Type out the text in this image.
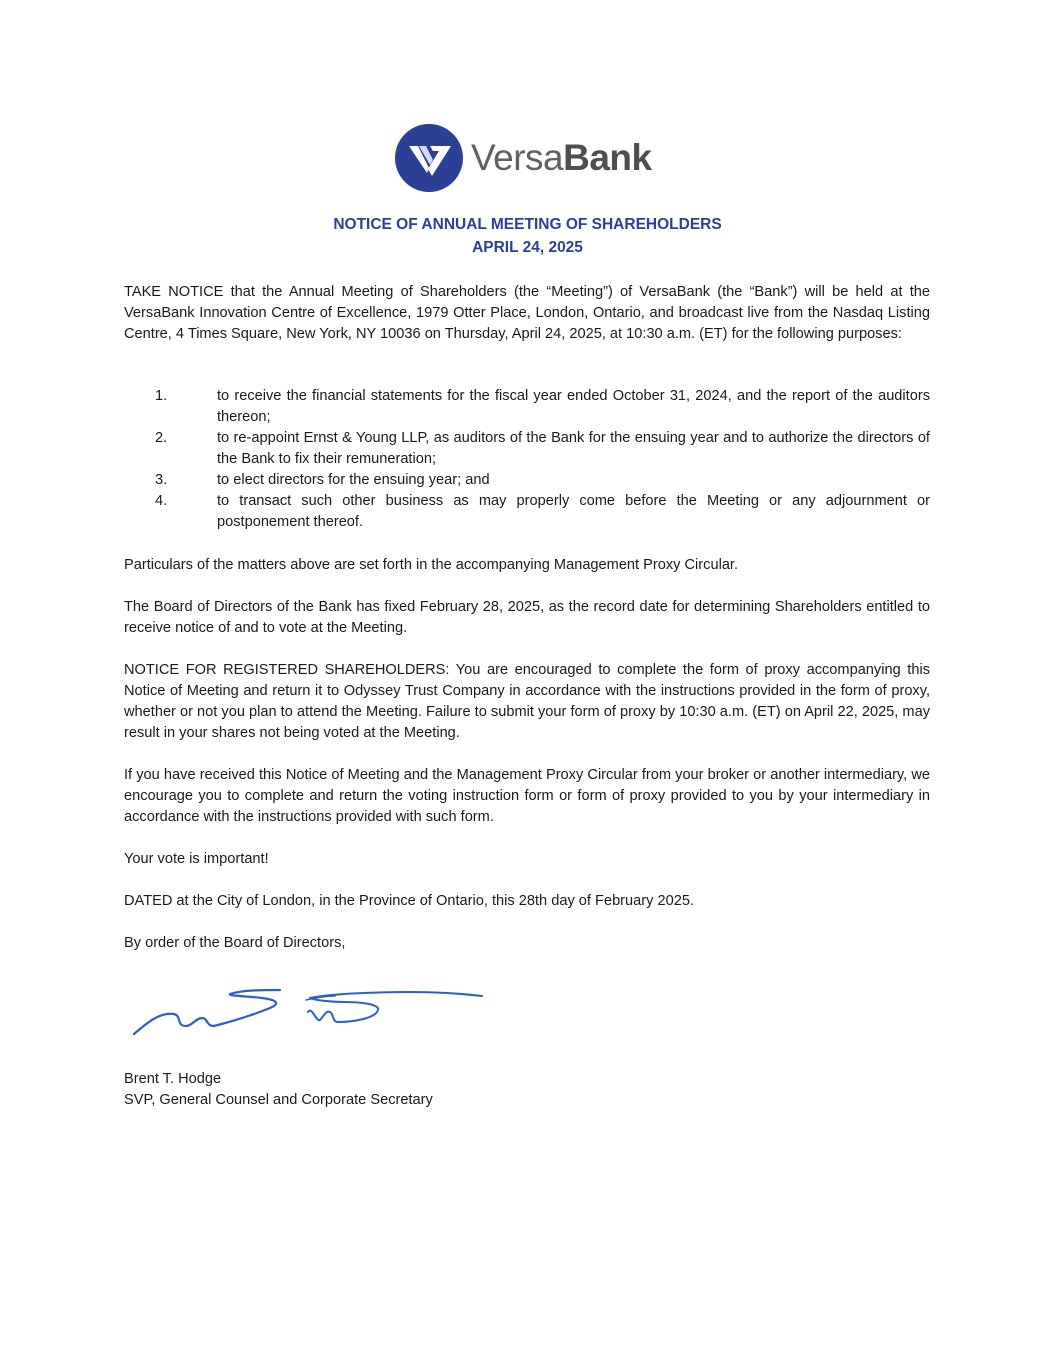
VersaBank
NOTICE OF ANNUAL MEETING OF SHAREHOLDERS
APRIL 24, 2025

TAKE NOTICE that the Annual Meeting of Shareholders (the “Meeting”) of VersaBank (the “Bank”) will be held at the VersaBank Innovation Centre of Excellence, 1979 Otter Place, London, Ontario, and broadcast live from the Nasdaq Listing Centre, 4 Times Square, New York, NY 10036 on Thursday, April 24, 2025, at 10:30 a.m. (ET) for the following purposes:

1.	to receive the financial statements for the fiscal year ended October 31, 2024, and the report of the auditors thereon;
2.	to re-appoint Ernst & Young LLP, as auditors of the Bank for the ensuing year and to authorize the directors of the Bank to fix their remuneration;
3.	to elect directors for the ensuing year; and
4.	to transact such other business as may properly come before the Meeting or any adjournment or postponement thereof.

Particulars of the matters above are set forth in the accompanying Management Proxy Circular.

The Board of Directors of the Bank has fixed February 28, 2025, as the record date for determining Shareholders entitled to receive notice of and to vote at the Meeting.

NOTICE FOR REGISTERED SHAREHOLDERS: You are encouraged to complete the form of proxy accompanying this Notice of Meeting and return it to Odyssey Trust Company in accordance with the instructions provided in the form of proxy, whether or not you plan to attend the Meeting. Failure to submit your form of proxy by 10:30 a.m. (ET) on April 22, 2025, may result in your shares not being voted at the Meeting.

If you have received this Notice of Meeting and the Management Proxy Circular from your broker or another intermediary, we encourage you to complete and return the voting instruction form or form of proxy provided to you by your intermediary in accordance with the instructions provided with such form.

Your vote is important!

DATED at the City of London, in the Province of Ontario, this 28th day of February 2025.

By order of the Board of Directors,

Brent T. Hodge
SVP, General Counsel and Corporate Secretary
